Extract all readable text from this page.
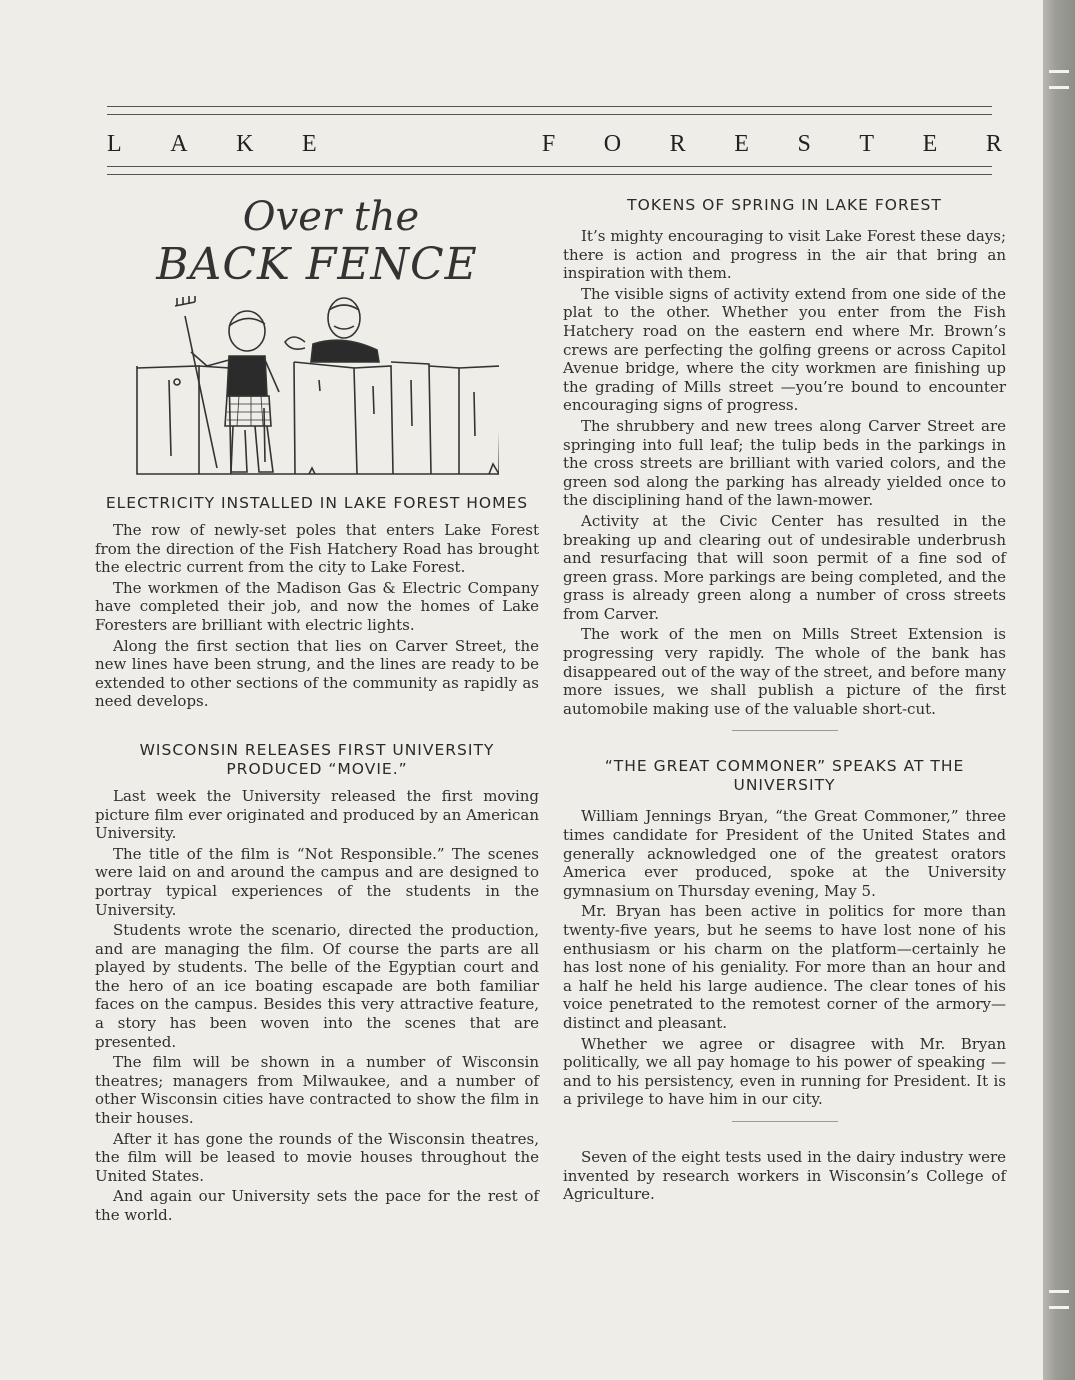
L A K E	F O R E S T E R
Over the
BACK FENCE
ELECTRICITY INSTALLED IN LAKE FOREST HOMES

The row of newly-set poles that enters Lake Forest from the direction of the Fish Hatchery Road has brought the electric current from the city to Lake Forest.

The workmen of the Madison Gas & Electric Company have completed their job, and now the homes of Lake Foresters are brilliant with electric lights.

Along the first section that lies on Carver Street, the new lines have been strung, and the lines are ready to be extended to other sections of the community as rapidly as need develops.

WISCONSIN RELEASES FIRST UNIVERSITY PRODUCED “MOVIE.”

Last week the University released the first moving picture film ever originated and produced by an American University.

The title of the film is “Not Responsible.” The scenes were laid on and around the campus and are designed to portray typical experiences of the students in the University.

Students wrote the scenario, directed the production, and are managing the film. Of course the parts are all played by students. The belle of the Egyptian court and the hero of an ice boating escapade are both familiar faces on the campus. Besides this very attractive feature, a story has been woven into the scenes that are presented.

The film will be shown in a number of Wisconsin theatres; managers from Milwaukee, and a number of other Wisconsin cities have contracted to show the film in their houses.

After it has gone the rounds of the Wisconsin theatres, the film will be leased to movie houses throughout the United States.

And again our University sets the pace for the rest of the world.

TOKENS OF SPRING IN LAKE FOREST

It’s mighty encouraging to visit Lake Forest these days; there is action and progress in the air that bring an inspiration with them.

The visible signs of activity extend from one side of the plat to the other. Whether you enter from the Fish Hatchery road on the eastern end where Mr. Brown’s crews are perfecting the golfing greens or across Capitol Avenue bridge, where the city workmen are finishing up the grading of Mills street —you’re bound to encounter encouraging signs of progress.

The shrubbery and new trees along Carver Street are springing into full leaf; the tulip beds in the parkings in the cross streets are brilliant with varied colors, and the green sod along the parking has already yielded once to the disciplining hand of the lawn-mower.

Activity at the Civic Center has resulted in the breaking up and clearing out of undesirable underbrush and resurfacing that will soon permit of a fine sod of green grass. More parkings are being completed, and the grass is already green along a number of cross streets from Carver.

The work of the men on Mills Street Extension is progressing very rapidly. The whole of the bank has disappeared out of the way of the street, and before many more issues, we shall publish a picture of the first automobile making use of the valuable short-cut.

“THE GREAT COMMONER” SPEAKS AT THE UNIVERSITY

William Jennings Bryan, “the Great Commoner,” three times candidate for President of the United States and generally acknowledged one of the greatest orators America ever produced, spoke at the University gymnasium on Thursday evening, May 5.

Mr. Bryan has been active in politics for more than twenty-five years, but he seems to have lost none of his enthusiasm or his charm on the platform—certainly he has lost none of his geniality. For more than an hour and a half he held his large audience. The clear tones of his voice penetrated to the remotest corner of the armory—distinct and pleasant.

Whether we agree or disagree with Mr. Bryan politically, we all pay homage to his power of speaking —and to his persistency, even in running for President. It is a privilege to have him in our city.

Seven of the eight tests used in the dairy industry were invented by research workers in Wisconsin’s College of Agriculture.
